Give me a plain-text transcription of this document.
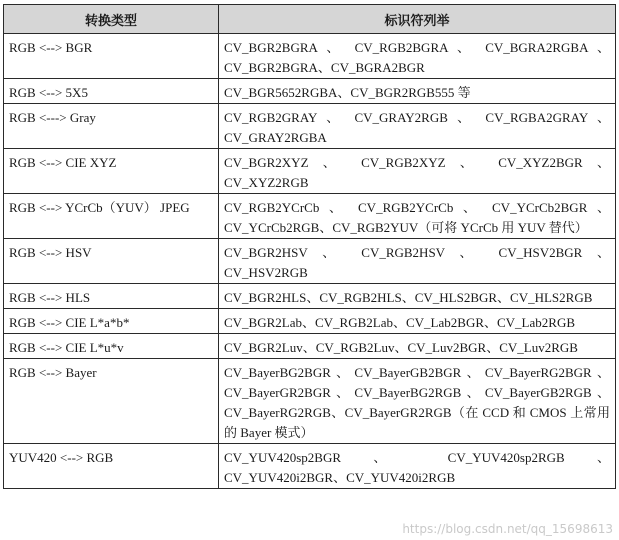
转换类型	标识符列举
RGB <--> BGR	CV_BGR2BGRA 、 CV_RGB2BGRA 、 CV_BGRA2RGBA 、 CV_BGR2BGRA、CV_BGRA2BGR
RGB <--> 5X5	CV_BGR5652RGBA、CV_BGR2RGB555 等
RGB <---> Gray	CV_RGB2GRAY 、 CV_GRAY2RGB 、 CV_RGBA2GRAY 、 CV_GRAY2RGBA
RGB <--> CIE XYZ	CV_BGR2XYZ 、 CV_RGB2XYZ 、 CV_XYZ2BGR 、 CV_XYZ2RGB
RGB <--> YCrCb（YUV） JPEG	CV_RGB2YCrCb 、 CV_RGB2YCrCb 、 CV_YCrCb2BGR 、 CV_YCrCb2RGB、CV_RGB2YUV（可将 YCrCb 用 YUV 替代）
RGB <--> HSV	CV_BGR2HSV 、 CV_RGB2HSV 、 CV_HSV2BGR 、 CV_HSV2RGB
RGB <--> HLS	CV_BGR2HLS、CV_RGB2HLS、CV_HLS2BGR、CV_HLS2RGB
RGB <--> CIE L*a*b*	CV_BGR2Lab、CV_RGB2Lab、CV_Lab2BGR、CV_Lab2RGB
RGB <--> CIE L*u*v	CV_BGR2Luv、CV_RGB2Luv、CV_Luv2BGR、CV_Luv2RGB
RGB <--> Bayer	CV_BayerBG2BGR、CV_BayerGB2BGR、CV_BayerRG2BGR、CV_BayerGR2BGR、CV_BayerBG2RGB、CV_BayerGB2RGB、CV_BayerRG2RGB、CV_BayerGR2RGB（在 CCD 和 CMOS 上常用的 Bayer 模式）
YUV420 <--> RGB	CV_YUV420sp2BGR 、 CV_YUV420sp2RGB 、 CV_YUV420i2BGR、CV_YUV420i2RGB
https://blog.csdn.net/qq_15698613
